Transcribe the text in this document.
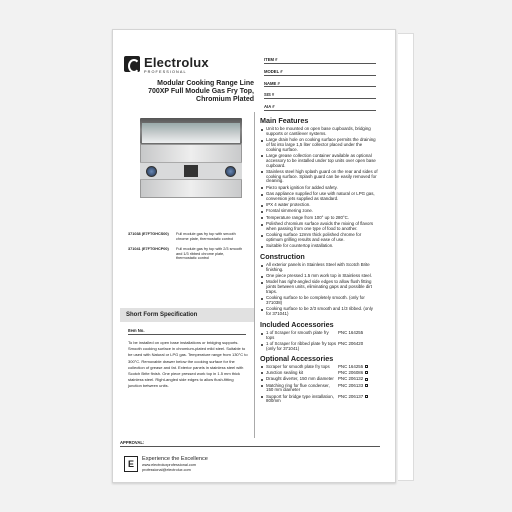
Electrolux
PROFESSIONAL
Modular Cooking Range Line
700XP Full Module Gas Fry Top,
Chromium Plated
ITEM #
MODEL #
NAME #
SIS #
AIA #
371038 (E7FTGHCS00)	Full module gas fry top with smooth chrome plate, thermostatic control
371041 (E7FTGHCP00)	Full module gas fry top with 2/3 smooth and 1/3 ribbed chrome plate, thermostatic control
Short Form Specification
Item No.
To be installed on open base installations or bridging supports. Smooth cooking surface in chromium-plated mild steel. Suitable to be used with Natural or LPG gas. Temperature range from 130°C to 300°C. Removable drawer below the cooking surface for the collection of grease and fat. Exterior panels in stainless steel with Scotch Brite finish. One piece pressed work top in 1.5 mm thick stainless steel. Right-angled side edges to allow flush-fitting junction between units.
Main Features
Unit to be mounted on open base cupboards, bridging supports or cantilever systems.
Large drain hole on cooking surface permits the draining of fat into large 1,5 liter collector placed under the cooking surface.
Large grease collection container available as optional accessory to be installed under top units over open base cupboard.
Stainless steel high splash guard on the rear and sides of cooking surface. Splash guard can be easily removed for cleaning.
Piezo spark ignition for added safety.
Gas appliance supplied for use with natural or LPG gas, conversion jets supplied as standard.
IPX 4 water protection.
Frontal simmering zone.
Temperature range from 100° up to 280°C.
Polished chromium surface avoids the mixing of flavors when passing from one type of food to another.
Cooking surface 12mm thick polished chrome for optimum grilling results and ease of use.
Suitable for countertop installation.
Construction
All exterior panels in Stainless Steel with Scotch Brite finishing.
One piece pressed 1.5 mm work top in Stainless steel.
Model has right-angled side edges to allow flush fitting joints between units, eliminating gaps and possible dirt traps.
Cooking surface to be completely smooth. (only for 371038)
Cooking surface to be 2/3 smooth and 1/3 ribbed. (only for 371041)
Included Accessories
1 of Scraper for smooth plate fry tops
PNC 164255
1 of Scraper for ribbed plate fry tops (only for 371041)
PNC 206420
Optional Accessories
Scraper for smooth plate fry tops	PNC 164255
Junction sealing kit	PNC 206086
Draught diverter, 150 mm diameter PNC 206132
Matching ring for flue condenser, 150 mm diameter
PNC 206133
Support for bridge type installation, 800mm
PNC 206137
APPROVAL:
E	Experience the Excellence
www.electroluxprofessional.com
professional@electrolux.com
